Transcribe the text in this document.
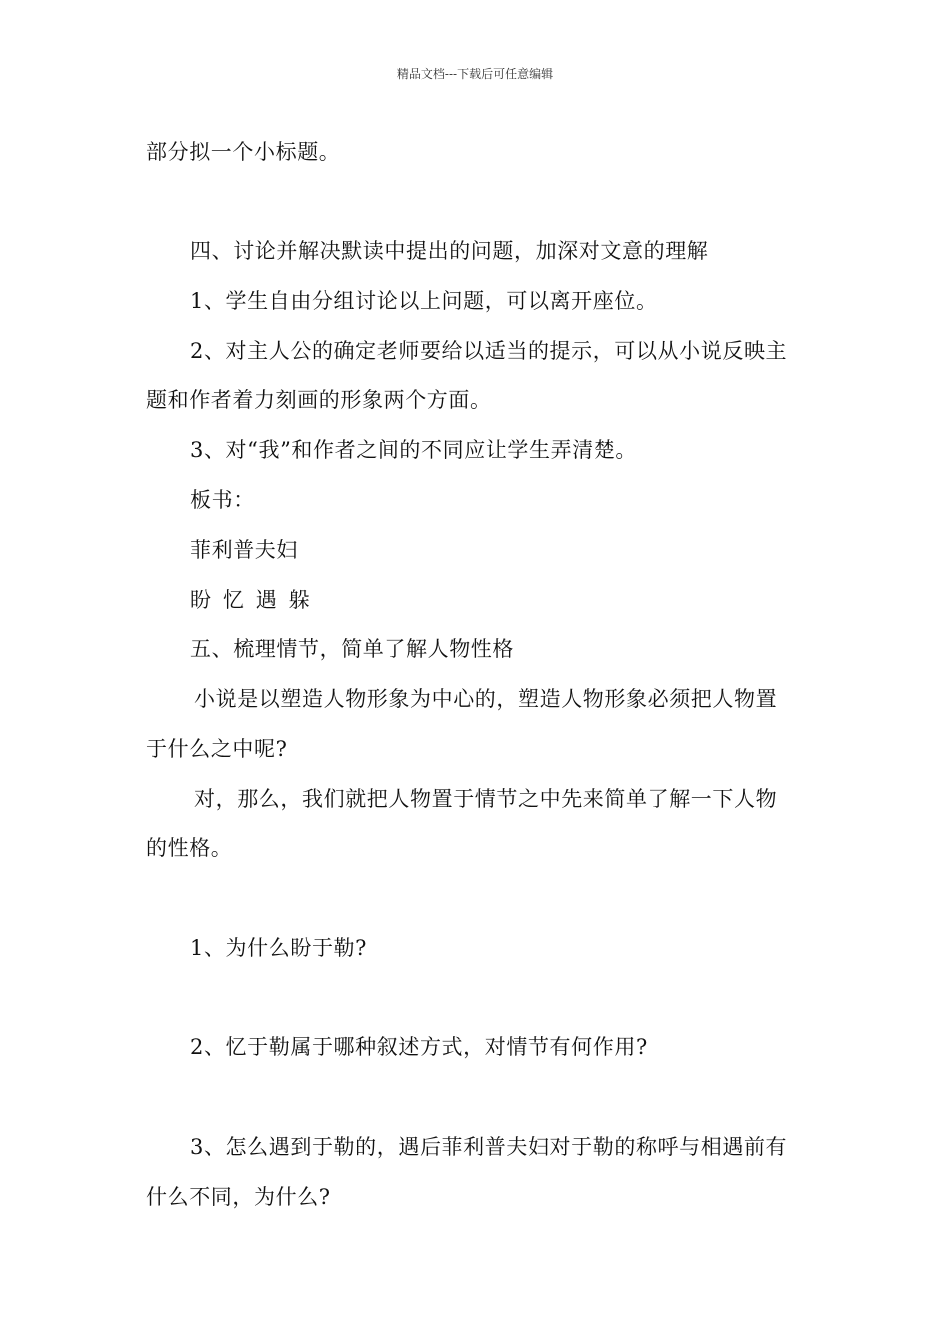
精品文档---下载后可任意编辑
部分拟一个小标题。
四、讨论并解决默读中提出的问题，加深对文意的理解
1、学生自由分组讨论以上问题，可以离开座位。
2、对主人公的确定老师要给以适当的提示，可以从小说反映主
题和作者着力刻画的形象两个方面。
3、对“我”和作者之间的不同应让学生弄清楚。
板书：
菲利普夫妇
盼 忆 遇 躲
五、梳理情节，简单了解人物性格
小说是以塑造人物形象为中心的，塑造人物形象必须把人物置
于什么之中呢?
对，那么，我们就把人物置于情节之中先来简单了解一下人物
的性格。
1、为什么盼于勒?
2、忆于勒属于哪种叙述方式，对情节有何作用?
3、怎么遇到于勒的，遇后菲利普夫妇对于勒的称呼与相遇前有
什么不同，为什么?
